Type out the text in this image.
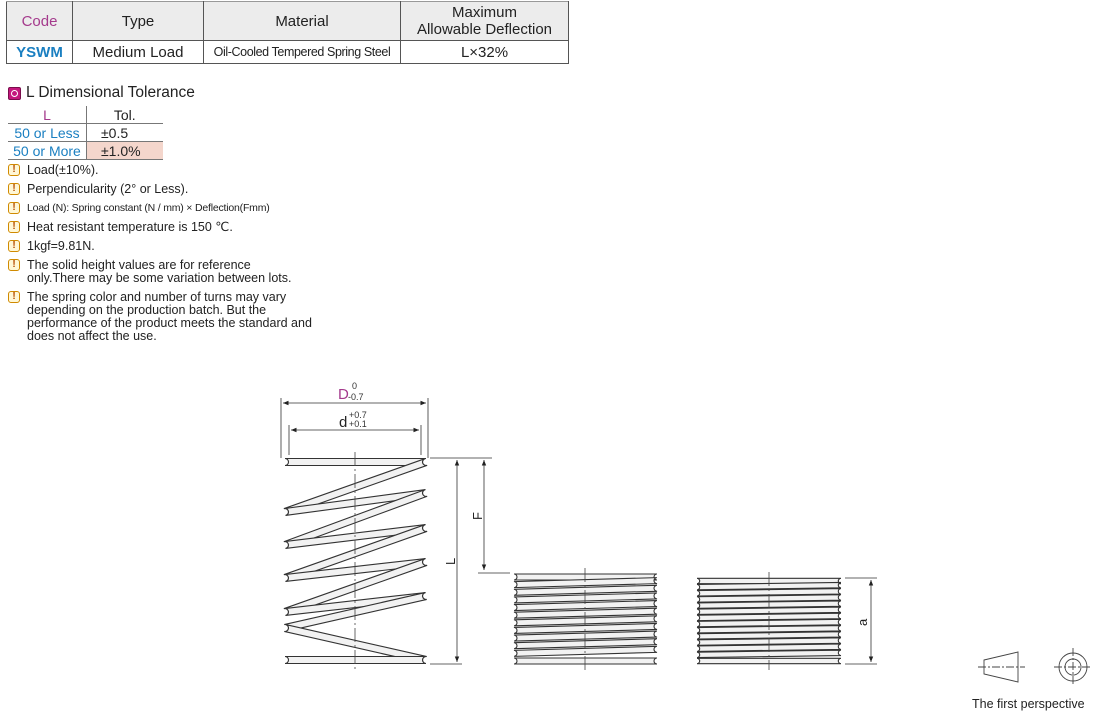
Code	Type	Material	Maximum
Allowable Deflection
YSWM	Medium Load	Oil-Cooled Tempered Spring Steel	L×32%
L Dimensional Tolerance
L	Tol.
50 or Less	±0.5
50 or More	±1.0%
! Load(±10%).
! Perpendicularity (2° or Less).
!	Load (N): Spring constant (N / mm) × Deflection(Fmm)
! Heat resistant temperature is 150 ℃.
! 1kgf=9.81N.
! The solid height values are for reference only.There may be some variation between lots.
! The spring color and number of turns may vary depending on the production batch. But the performance of the product meets the standard and does not affect the use.
D 0
-0.7
d +0.7
+0.1
L
F
a
The first perspective
